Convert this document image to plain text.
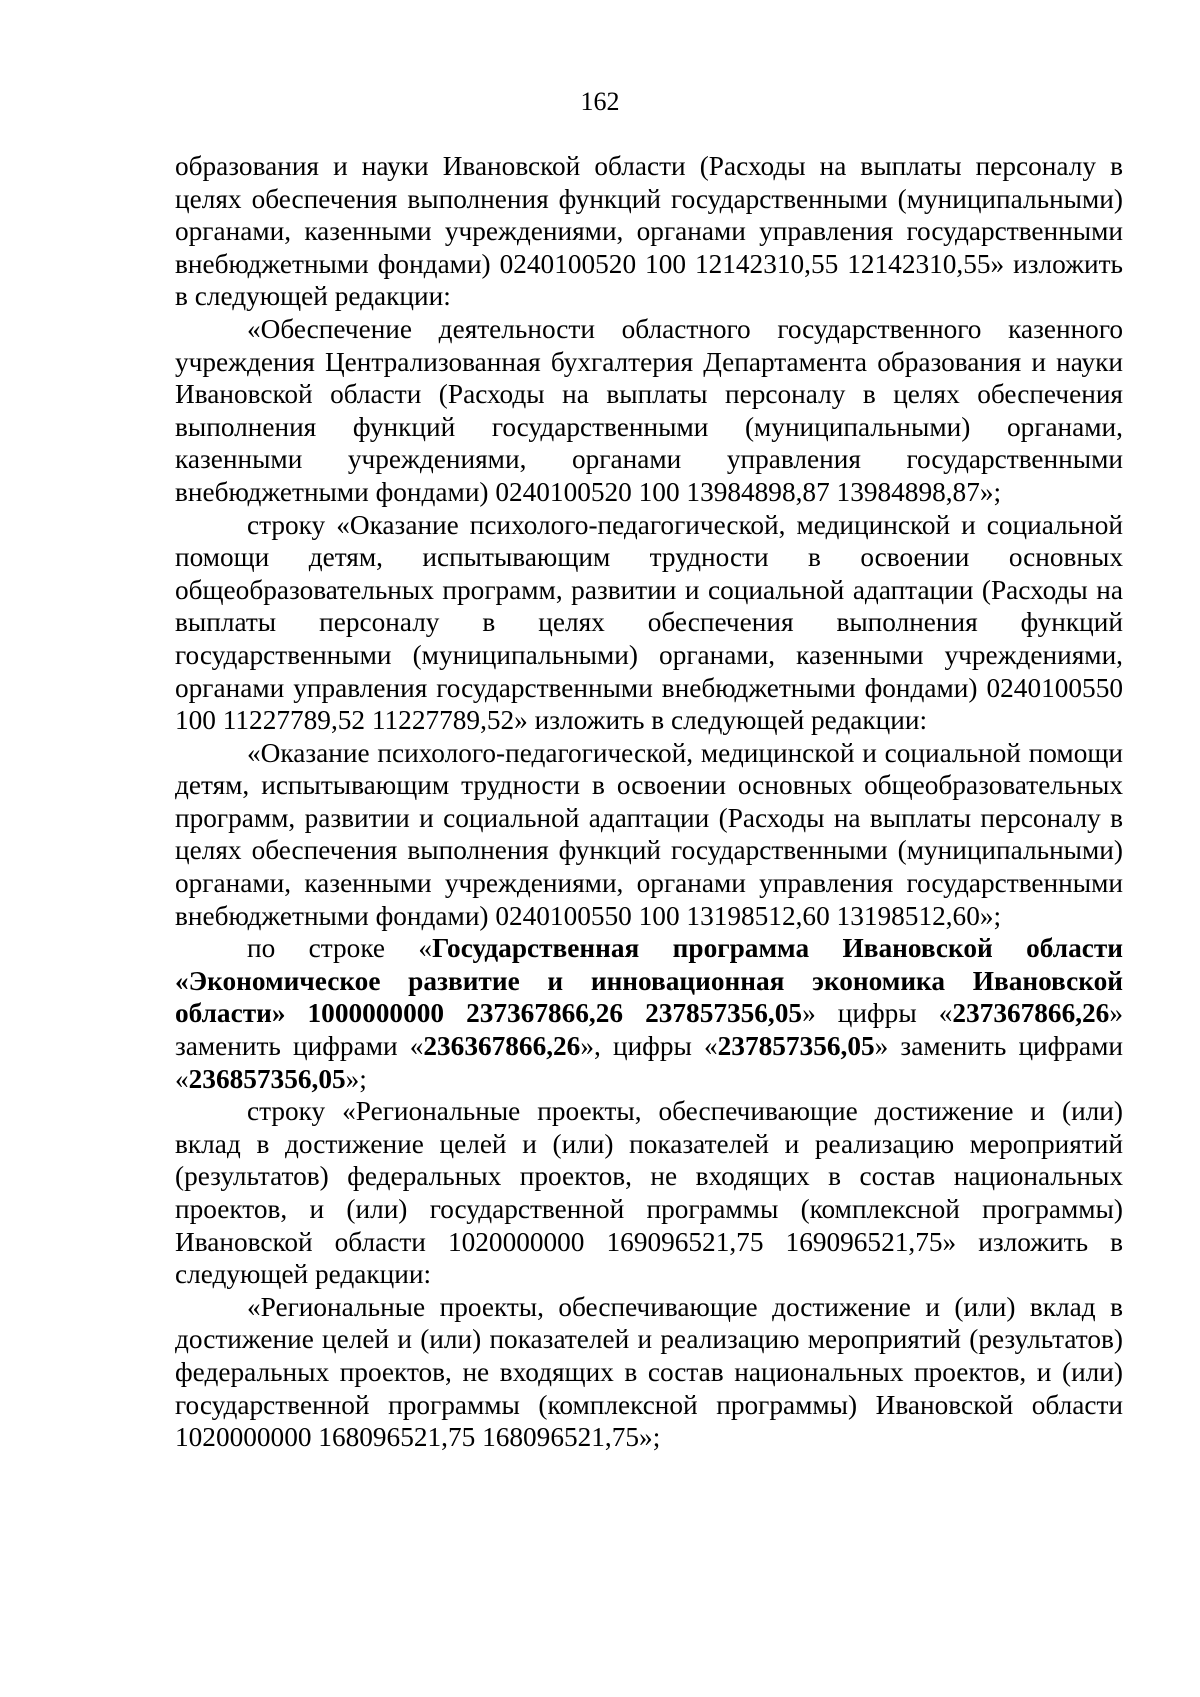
162

образования и науки Ивановской области (Расходы на выплаты персоналу в целях обеспечения выполнения функций государственными (муниципальными) органами, казенными учреждениями, органами управления государственными внебюджетными фондами) 0240100520 100 12142310,55 12142310,55» изложить в следующей редакции:

«Обеспечение деятельности областного государственного казенного учреждения Централизованная бухгалтерия Департамента образования и науки Ивановской области (Расходы на выплаты персоналу в целях обеспечения выполнения функций государственными (муниципальными) органами, казенными учреждениями, органами управления государственными внебюджетными фондами) 0240100520 100 13984898,87 13984898,87»;

строку «Оказание психолого-педагогической, медицинской и социальной помощи детям, испытывающим трудности в освоении основных общеобразовательных программ, развитии и социальной адаптации (Расходы на выплаты персоналу в целях обеспечения выполнения функций государственными (муниципальными) органами, казенными учреждениями, органами управления государственными внебюджетными фондами) 0240100550 100 11227789,52 11227789,52» изложить в следующей редакции:

«Оказание психолого-педагогической, медицинской и социальной помощи детям, испытывающим трудности в освоении основных общеобразовательных программ, развитии и социальной адаптации (Расходы на выплаты персоналу в целях обеспечения выполнения функций государственными (муниципальными) органами, казенными учреждениями, органами управления государственными внебюджетными фондами) 0240100550 100 13198512,60 13198512,60»;

по строке «Государственная программа Ивановской области «Экономическое развитие и инновационная экономика Ивановской области» 1000000000 237367866,26 237857356,05» цифры «237367866,26» заменить цифрами «236367866,26», цифры «237857356,05» заменить цифрами «236857356,05»;

строку «Региональные проекты, обеспечивающие достижение и (или) вклад в достижение целей и (или) показателей и реализацию мероприятий (результатов) федеральных проектов, не входящих в состав национальных проектов, и (или) государственной программы (комплексной программы) Ивановской области 1020000000 169096521,75 169096521,75» изложить в следующей редакции:

«Региональные проекты, обеспечивающие достижение и (или) вклад в достижение целей и (или) показателей и реализацию мероприятий (результатов) федеральных проектов, не входящих в состав национальных проектов, и (или) государственной программы (комплексной программы) Ивановской области 1020000000 168096521,75 168096521,75»;
